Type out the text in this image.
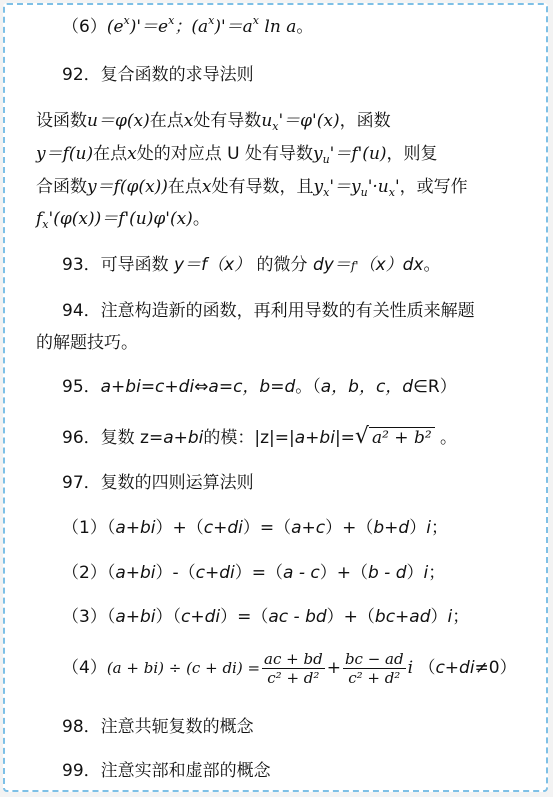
$(6)(e^x)'=e^x$；$(a^x)'=a^x$ ln a。
92．复合函数的求导法则
设函数u＝φ(x)在点x处有导数$u_x'=\varphi'(x)$，函数
y＝f(u)在点x处的对应点 U 处有导数$y_u'=f'(u)$，则复
合函数y＝f(φ(x))在点x处有导数，且$y_x'=y_u'\cdot u_x'$，或写作
$f_x'(\varphi(x))=f'(u)\varphi'(x)$。
93．可导函数 y＝f（x） 的微分 dy＝f'（x）dx。
94．注意构造新的函数，再利用导数的有关性质来解题
的解题技巧。
95．a+bi=c+di⇔a=c，b=d。（a，b，c，d∈R）
96．复数 z=a+bi的模：|z|=|a+bi|=√ a² + b² 。
97．复数的四则运算法则
（1）（a+bi）+（c+di）=（a+c）+（b+d）i；
（2）（a+bi）-（c+di）=（a - c）+（b - d）i；
（3）（a+bi）（c+di）=（ac - bd）+（bc+ad）i；
$(4)(a + bi) \div (c + di) = \frac{ac + bd}{\text{c² + d²}} + \frac{bc - ad}{\text{c² + d²}}$ i （c+di≠0）
98．注意共轭复数的概念
99．注意实部和虚部的概念
